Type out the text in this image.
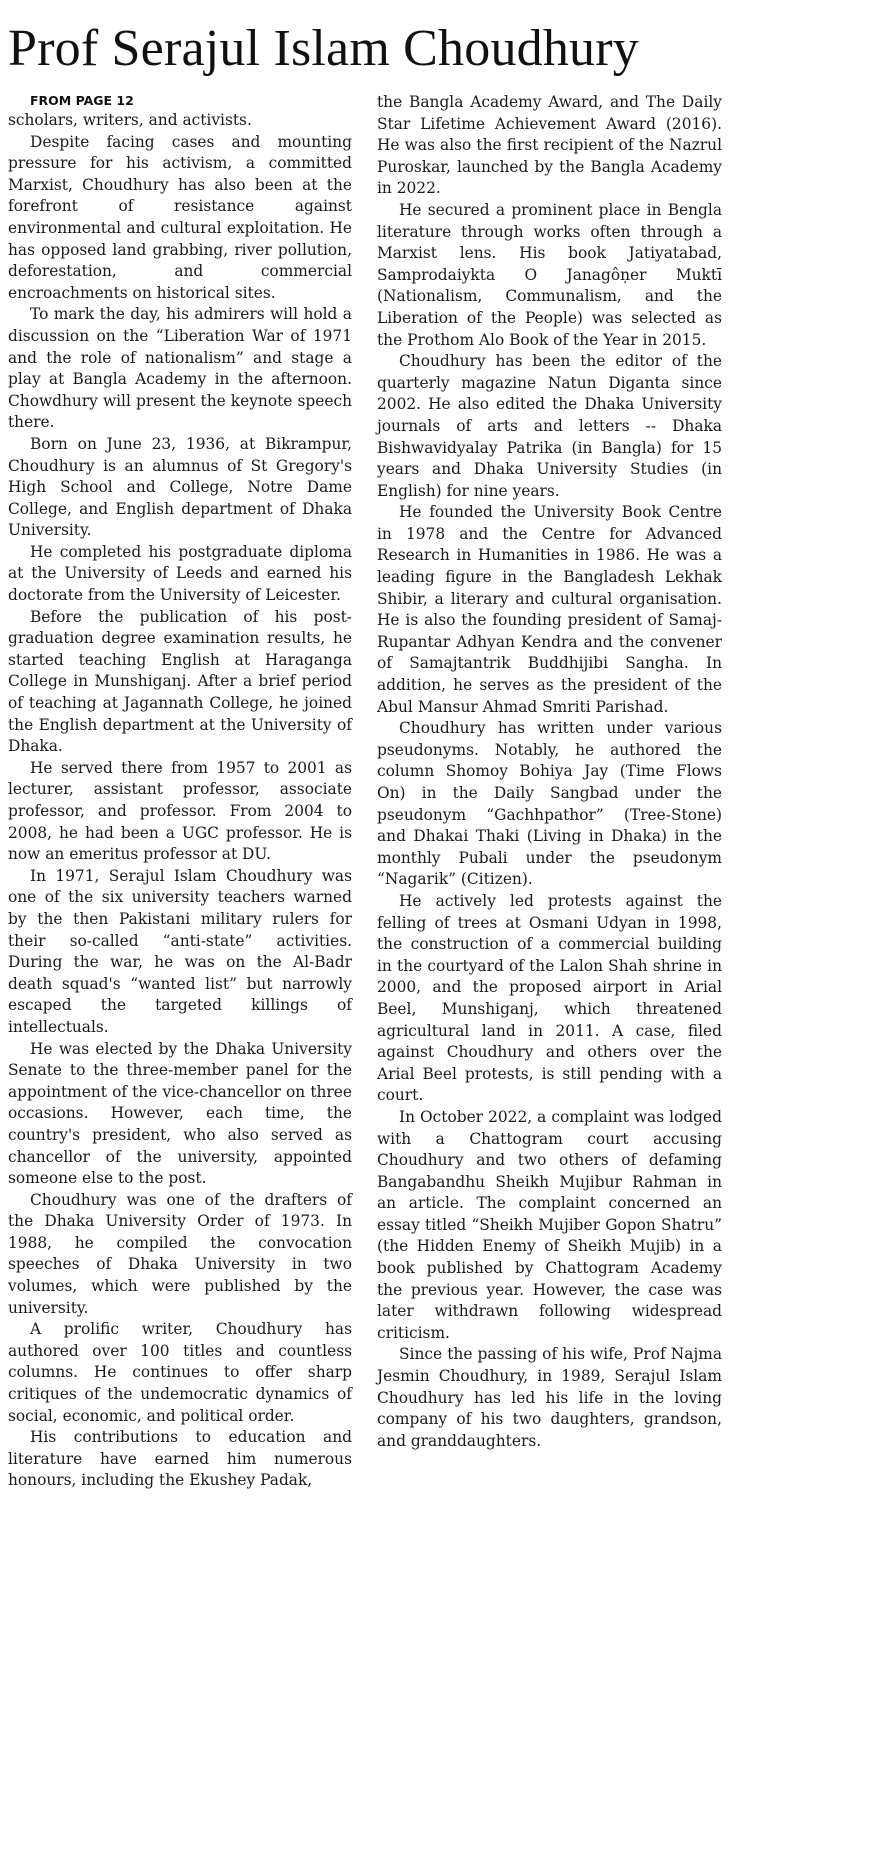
Prof Serajul Islam Choudhury

FROM PAGE 12

scholars, writers, and activists.

Despite facing cases and mounting pressure for his activism, a committed Marxist, Choudhury has also been at the forefront of resistance against environmental and cultural exploitation. He has opposed land grabbing, river pollution, deforestation, and commercial encroachments on historical sites.

To mark the day, his admirers will hold a discussion on the “Liberation War of 1971 and the role of nationalism” and stage a play at Bangla Academy in the afternoon. Chowdhury will present the keynote speech there.

Born on June 23, 1936, at Bikrampur, Choudhury is an alumnus of St Gregory's High School and College, Notre Dame College, and English department of Dhaka University.

He completed his postgraduate diploma at the University of Leeds and earned his doctorate from the University of Leicester.

Before the publication of his post-graduation degree examination results, he started teaching English at Haraganga College in Munshiganj. After a brief period of teaching at Jagannath College, he joined the English department at the University of Dhaka.

He served there from 1957 to 2001 as lecturer, assistant professor, associate professor, and professor. From 2004 to 2008, he had been a UGC professor. He is now an emeritus professor at DU.

In 1971, Serajul Islam Choudhury was one of the six university teachers warned by the then Pakistani military rulers for their so-called “anti-state” activities. During the war, he was on the Al-Badr death squad's “wanted list” but narrowly escaped the targeted killings of intellectuals.

He was elected by the Dhaka University Senate to the three-member panel for the appointment of the vice-chancellor on three occasions. However, each time, the country's president, who also served as chancellor of the university, appointed someone else to the post.

Choudhury was one of the drafters of the Dhaka University Order of 1973. In 1988, he compiled the convocation speeches of Dhaka University in two volumes, which were published by the university.

A prolific writer, Choudhury has authored over 100 titles and countless columns. He continues to offer sharp critiques of the undemocratic dynamics of social, economic, and political order.

His contributions to education and literature have earned him numerous honours, including the Ekushey Padak,

the Bangla Academy Award, and The Daily Star Lifetime Achievement Award (2016). He was also the first recipient of the Nazrul Puroskar, launched by the Bangla Academy in 2022.

He secured a prominent place in Bengla literature through works often through a Marxist lens. His book Jatiyatabad, Samprodaiykta O Janagôṇer Muktī (Nationalism, Communalism, and the Liberation of the People) was selected as the Prothom Alo Book of the Year in 2015.

Choudhury has been the editor of the quarterly magazine Natun Diganta since 2002. He also edited the Dhaka University journals of arts and letters -- Dhaka Bishwavidyalay Patrika (in Bangla) for 15 years and Dhaka University Studies (in English) for nine years.

He founded the University Book Centre in 1978 and the Centre for Advanced Research in Humanities in 1986. He was a leading figure in the Bangladesh Lekhak Shibir, a literary and cultural organisation. He is also the founding president of Samaj-Rupantar Adhyan Kendra and the convener of Samajtantrik Buddhijibi Sangha. In addition, he serves as the president of the Abul Mansur Ahmad Smriti Parishad.

Choudhury has written under various pseudonyms. Notably, he authored the column Shomoy Bohiya Jay (Time Flows On) in the Daily Sangbad under the pseudonym “Gachhpathor” (Tree-Stone) and Dhakai Thaki (Living in Dhaka) in the monthly Pubali under the pseudonym “Nagarik” (Citizen).

He actively led protests against the felling of trees at Osmani Udyan in 1998, the construction of a commercial building in the courtyard of the Lalon Shah shrine in 2000, and the proposed airport in Arial Beel, Munshiganj, which threatened agricultural land in 2011. A case, filed against Choudhury and others over the Arial Beel protests, is still pending with a court.

In October 2022, a complaint was lodged with a Chattogram court accusing Choudhury and two others of defaming Bangabandhu Sheikh Mujibur Rahman in an article. The complaint concerned an essay titled “Sheikh Mujiber Gopon Shatru” (the Hidden Enemy of Sheikh Mujib) in a book published by Chattogram Academy the previous year. However, the case was later withdrawn following widespread criticism.

Since the passing of his wife, Prof Najma Jesmin Choudhury, in 1989, Serajul Islam Choudhury has led his life in the loving company of his two daughters, grandson, and granddaughters.
